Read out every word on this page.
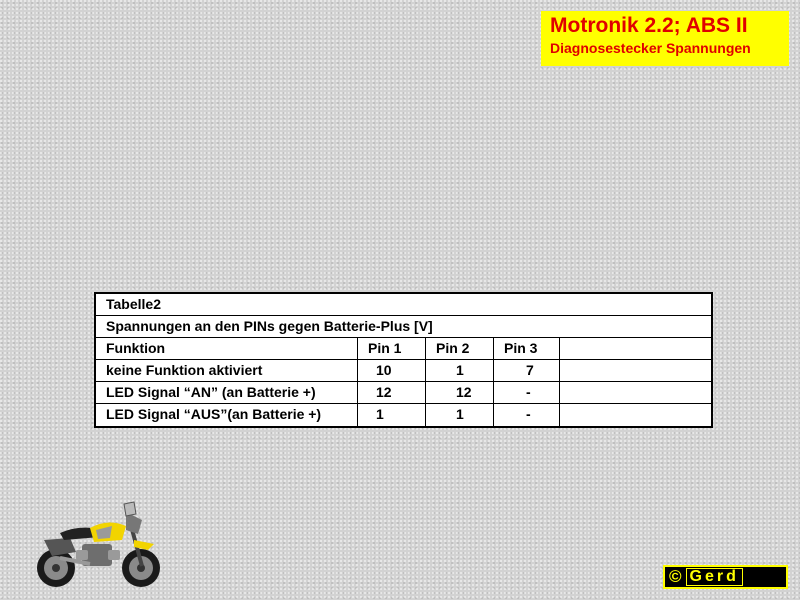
Motronik 2.2; ABS II
Diagnosestecker Spannungen
Tabelle2
Spannungen an den PINs gegen Batterie-Plus [V]
Funktion	Pin 1	Pin 2	Pin 3
keine Funktion aktiviert	10	1	7
LED Signal “AN” (an Batterie +)	12	12	-
LED Signal “AUS”(an Batterie +)	1	1	-
© Gerd
